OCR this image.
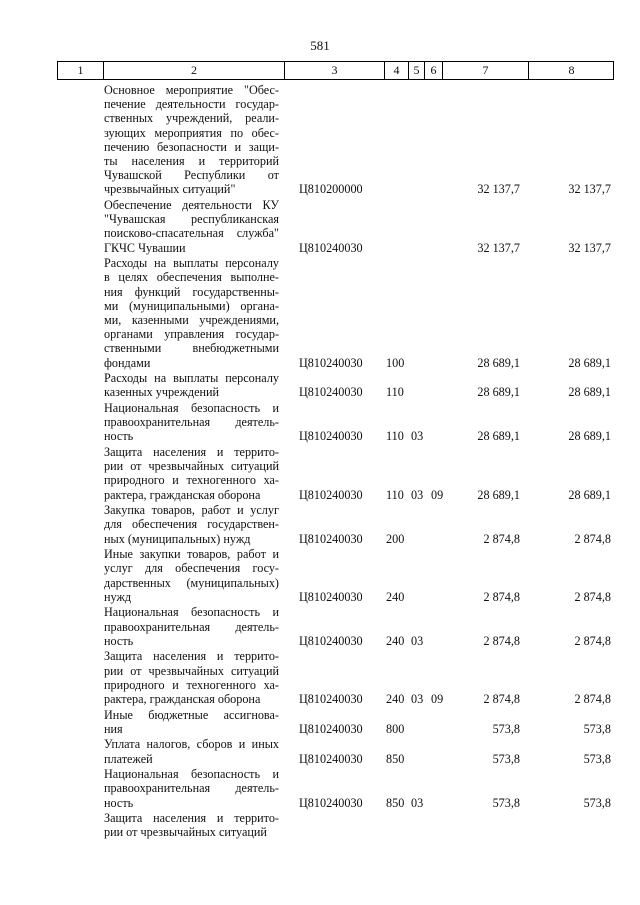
581
1	2	3	4	5 6	7	8
Основное мероприятие "Обес-
печение деятельности государ-
ственных учреждений, реали-
зующих мероприятия по обес-
печению безопасности и защи-
ты населения и территорий
Чувашской Республики от
чрезвычайных ситуаций"	Ц810200000	32 137,7	32 137,7
Обеспечение деятельности КУ
"Чувашская республиканская
поисково-спасательная служба"
ГКЧС Чувашии	Ц810240030	32 137,7	32 137,7
Расходы на выплаты персоналу
в целях обеспечения выполне-
ния функций государственны-
ми (муниципальными) органа-
ми, казенными учреждениями,
органами управления государ-
ственными внебюджетными
фондами	Ц810240030 100	28 689,1	28 689,1
Расходы на выплаты персоналу
казенных учреждений	Ц810240030 110	28 689,1	28 689,1
Национальная безопасность и
правоохранительная деятель-
ность	Ц810240030 110 03	28 689,1	28 689,1
Защита населения и террито-
рии от чрезвычайных ситуаций
природного и техногенного ха-
рактера, гражданская оборона	Ц810240030 110 03 09	28 689,1	28 689,1
Закупка товаров, работ и услуг
для обеспечения государствен-
ных (муниципальных) нужд	Ц810240030 200	2 874,8	2 874,8
Иные закупки товаров, работ и
услуг для обеспечения госу-
дарственных (муниципальных)
нужд	Ц810240030 240	2 874,8	2 874,8
Национальная безопасность и
правоохранительная деятель-
ность	Ц810240030 240 03	2 874,8	2 874,8
Защита населения и террито-
рии от чрезвычайных ситуаций
природного и техногенного ха-
рактера, гражданская оборона	Ц810240030 240 03 09	2 874,8	2 874,8
Иные бюджетные ассигнова-
ния	Ц810240030 800	573,8	573,8
Уплата налогов, сборов и иных
платежей	Ц810240030 850	573,8	573,8
Национальная безопасность и
правоохранительная деятель-
ность	Ц810240030 850 03	573,8	573,8
Защита населения и террито-
рии от чрезвычайных ситуаций
